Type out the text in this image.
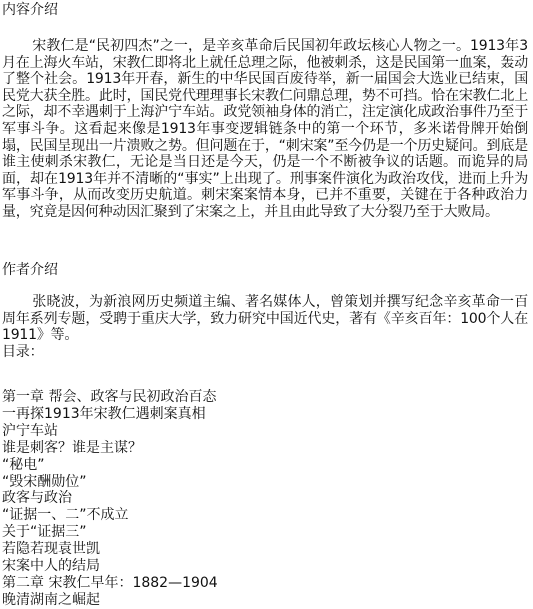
内容介绍
宋教仁是“民初四杰”之一，是辛亥革命后民国初年政坛核心人物之一。1913年3月在上海火车站，宋教仁即将北上就任总理之际，他被刺杀，这是民国第一血案，轰动了整个社会。1913年开春，新生的中华民国百废待举，新一届国会大选业已结束，国民党大获全胜。此时，国民党代理理事长宋教仁问鼎总理，势不可挡。恰在宋教仁北上之际，却不幸遇刺于上海沪宁车站。政党领袖身体的消亡，注定演化成政治事件乃至于军事斗争。这看起来像是1913年事变逻辑链条中的第一个环节，多米诺骨牌开始倒塌，民国呈现出一片溃败之势。但问题在于，“刺宋案”至今仍是一个历史疑问。到底是谁主使刺杀宋教仁，无论是当日还是今天，仍是一个不断被争议的话题。而诡异的局面，却在1913年并不清晰的“事实”上出现了。刑事案件演化为政治攻伐，进而上升为军事斗争，从而改变历史航道。刺宋案案情本身，已并不重要，关键在于各种政治力量，究竟是因何种动因汇聚到了宋案之上，并且由此导致了大分裂乃至于大败局。
作者介绍
张晓波，为新浪网历史频道主编、著名媒体人，曾策划并撰写纪念辛亥革命一百周年系列专题，受聘于重庆大学，致力研究中国近代史，著有《辛亥百年：100个人在1911》等。
目录：
第一章 帮会、政客与民初政治百态
一再探1913年宋教仁遇刺案真相
沪宁车站
谁是刺客？谁是主谋？
“秘电”
“毁宋酬勋位”
政客与政治
“证据一、二”不成立
关于“证据三”
若隐若现袁世凯
宋案中人的结局
第二章 宋教仁早年：1882—1904
晚清湖南之崛起
